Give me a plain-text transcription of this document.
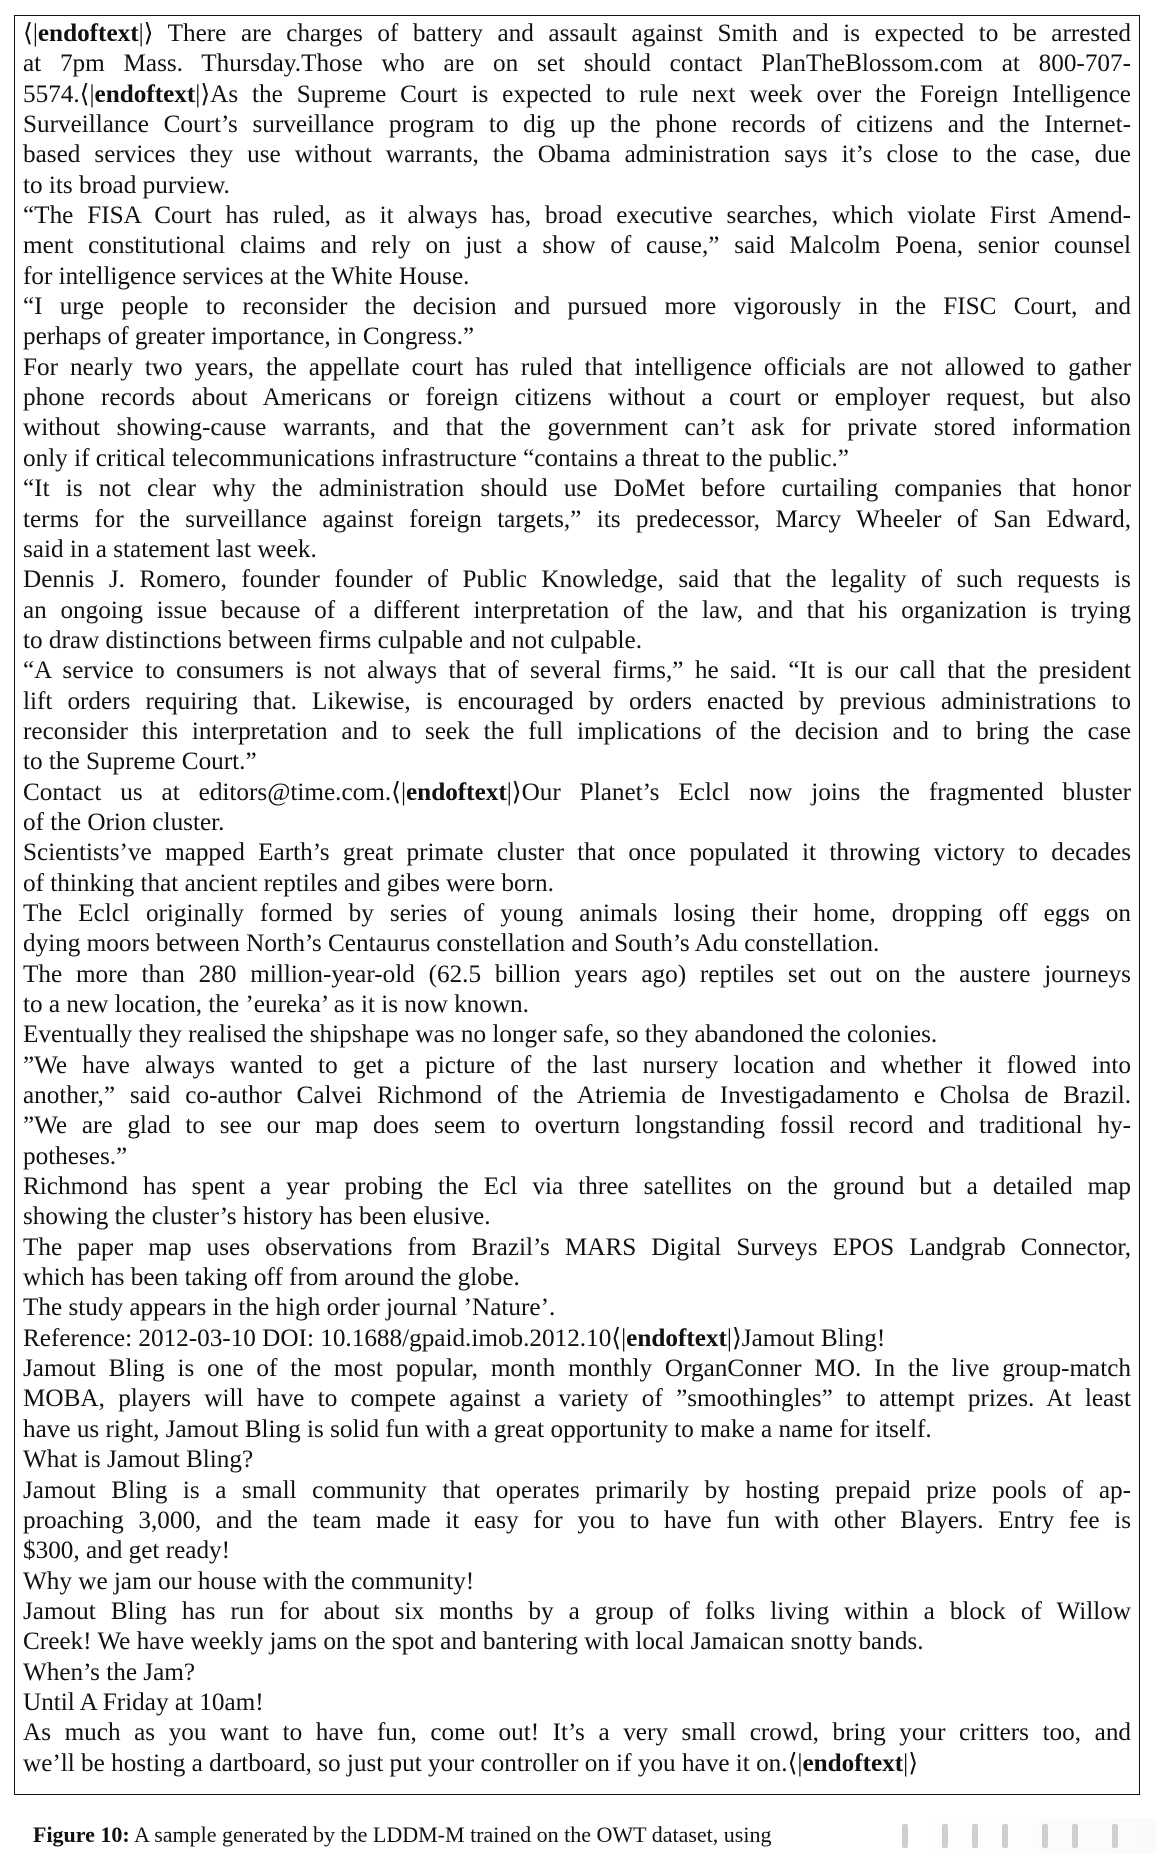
⟨|endoftext|⟩ There are charges of battery and assault against Smith and is expected to be arrested
at 7pm Mass. Thursday.Those who are on set should contact PlanTheBlossom.com at 800-707-
5574.⟨|endoftext|⟩As the Supreme Court is expected to rule next week over the Foreign Intelligence
Surveillance Court’s surveillance program to dig up the phone records of citizens and the Internet-
based services they use without warrants, the Obama administration says it’s close to the case, due
to its broad purview.
“The FISA Court has ruled, as it always has, broad executive searches, which violate First Amend-
ment constitutional claims and rely on just a show of cause,” said Malcolm Poena, senior counsel
for intelligence services at the White House.
“I urge people to reconsider the decision and pursued more vigorously in the FISC Court, and
perhaps of greater importance, in Congress.”
For nearly two years, the appellate court has ruled that intelligence officials are not allowed to gather
phone records about Americans or foreign citizens without a court or employer request, but also
without showing-cause warrants, and that the government can’t ask for private stored information
only if critical telecommunications infrastructure “contains a threat to the public.”
“It is not clear why the administration should use DoMet before curtailing companies that honor
terms for the surveillance against foreign targets,” its predecessor, Marcy Wheeler of San Edward,
said in a statement last week.
Dennis J. Romero, founder founder of Public Knowledge, said that the legality of such requests is
an ongoing issue because of a different interpretation of the law, and that his organization is trying
to draw distinctions between firms culpable and not culpable.
“A service to consumers is not always that of several firms,” he said. “It is our call that the president
lift orders requiring that. Likewise, is encouraged by orders enacted by previous administrations to
reconsider this interpretation and to seek the full implications of the decision and to bring the case
to the Supreme Court.”
Contact us at editors@time.com.⟨|endoftext|⟩Our Planet’s Eclcl now joins the fragmented bluster
of the Orion cluster.
Scientists’ve mapped Earth’s great primate cluster that once populated it throwing victory to decades
of thinking that ancient reptiles and gibes were born.
The Eclcl originally formed by series of young animals losing their home, dropping off eggs on
dying moors between North’s Centaurus constellation and South’s Adu constellation.
The more than 280 million-year-old (62.5 billion years ago) reptiles set out on the austere journeys
to a new location, the ’eureka’ as it is now known.
Eventually they realised the shipshape was no longer safe, so they abandoned the colonies.
”We have always wanted to get a picture of the last nursery location and whether it flowed into
another,” said co-author Calvei Richmond of the Atriemia de Investigadamento e Cholsa de Brazil.
”We are glad to see our map does seem to overturn longstanding fossil record and traditional hy-
potheses.”
Richmond has spent a year probing the Ecl via three satellites on the ground but a detailed map
showing the cluster’s history has been elusive.
The paper map uses observations from Brazil’s MARS Digital Surveys EPOS Landgrab Connector,
which has been taking off from around the globe.
The study appears in the high order journal ’Nature’.
Reference: 2012-03-10 DOI: 10.1688/gpaid.imob.2012.10⟨|endoftext|⟩Jamout Bling!
Jamout Bling is one of the most popular, month monthly OrganConner MO. In the live group-match
MOBA, players will have to compete against a variety of ”smoothingles” to attempt prizes. At least
have us right, Jamout Bling is solid fun with a great opportunity to make a name for itself.
What is Jamout Bling?
Jamout Bling is a small community that operates primarily by hosting prepaid prize pools of ap-
proaching 3,000, and the team made it easy for you to have fun with other Blayers. Entry fee is
$300, and get ready!
Why we jam our house with the community!
Jamout Bling has run for about six months by a group of folks living within a block of Willow
Creek! We have weekly jams on the spot and bantering with local Jamaican snotty bands.
When’s the Jam?
Until A Friday at 10am!
As much as you want to have fun, come out! It’s a very small crowd, bring your critters too, and
we’ll be hosting a dartboard, so just put your controller on if you have it on.⟨|endoftext|⟩
Figure 10: A sample generated by the LDDM-M trained on the OWT dataset, using
